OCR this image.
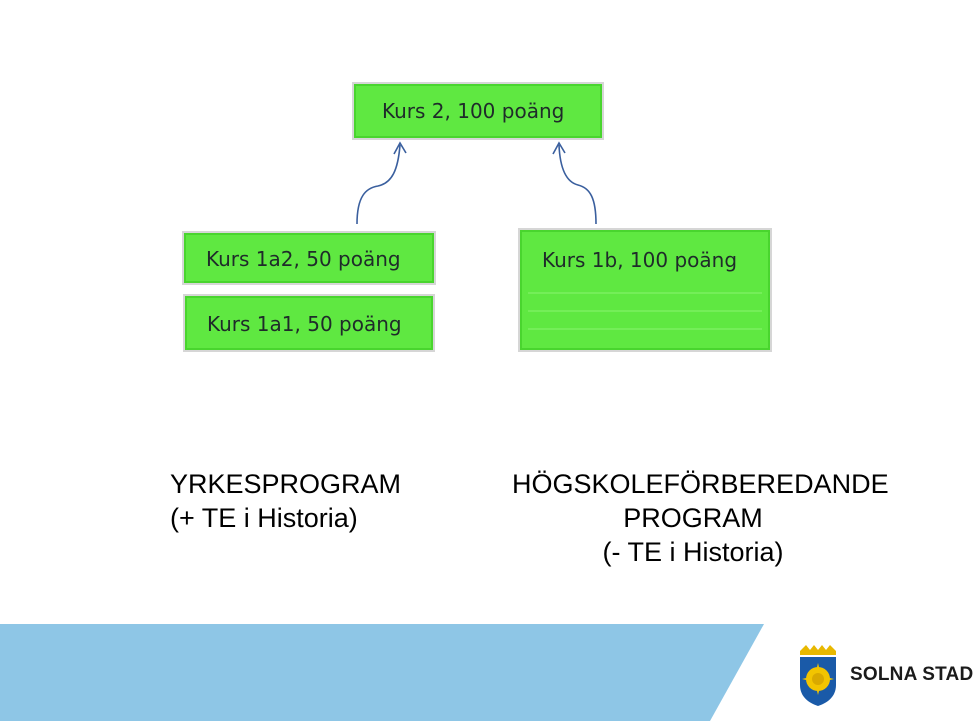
Kurs 2, 100 poäng
Kurs 1a2, 50 poäng
Kurs 1a1, 50 poäng
Kurs 1b, 100 poäng
YRKESPROGRAM
(+ TE i Historia)
HÖGSKOLEFÖRBEREDANDE
PROGRAM
(- TE i Historia)
SOLNA STAD
